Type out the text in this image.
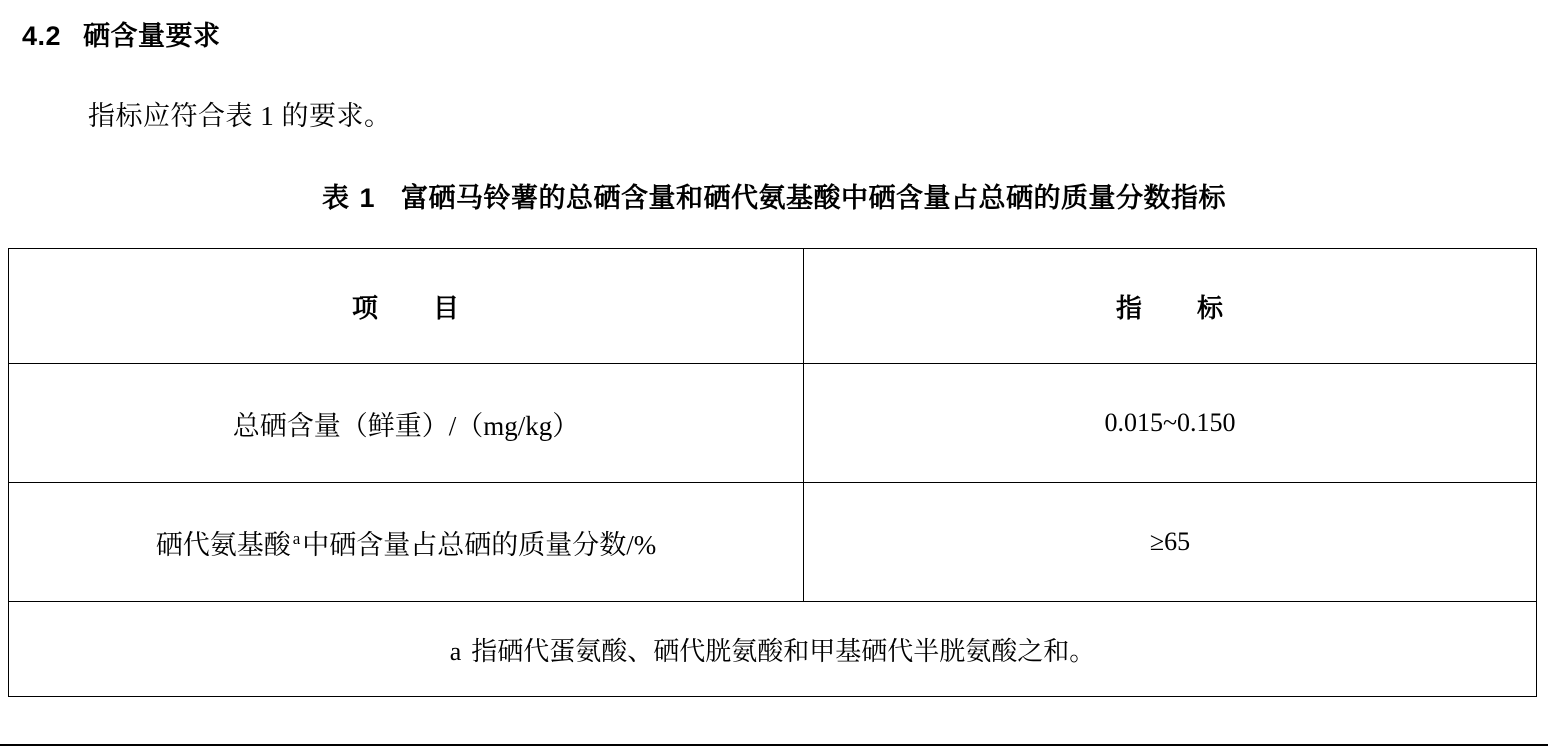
4.2 硒含量要求
指标应符合表 1 的要求。
表 1 富硒马铃薯的总硒含量和硒代氨基酸中硒含量占总硒的质量分数指标
项　　目	指　　标
总硒含量（鲜重）/（mg/kg）	0.015~0.150
硒代氨基酸 $^a$中硒含量占总硒的质量分数/%	≥65
a 指硒代蛋氨酸、硒代胱氨酸和甲基硒代半胱氨酸之和。	
